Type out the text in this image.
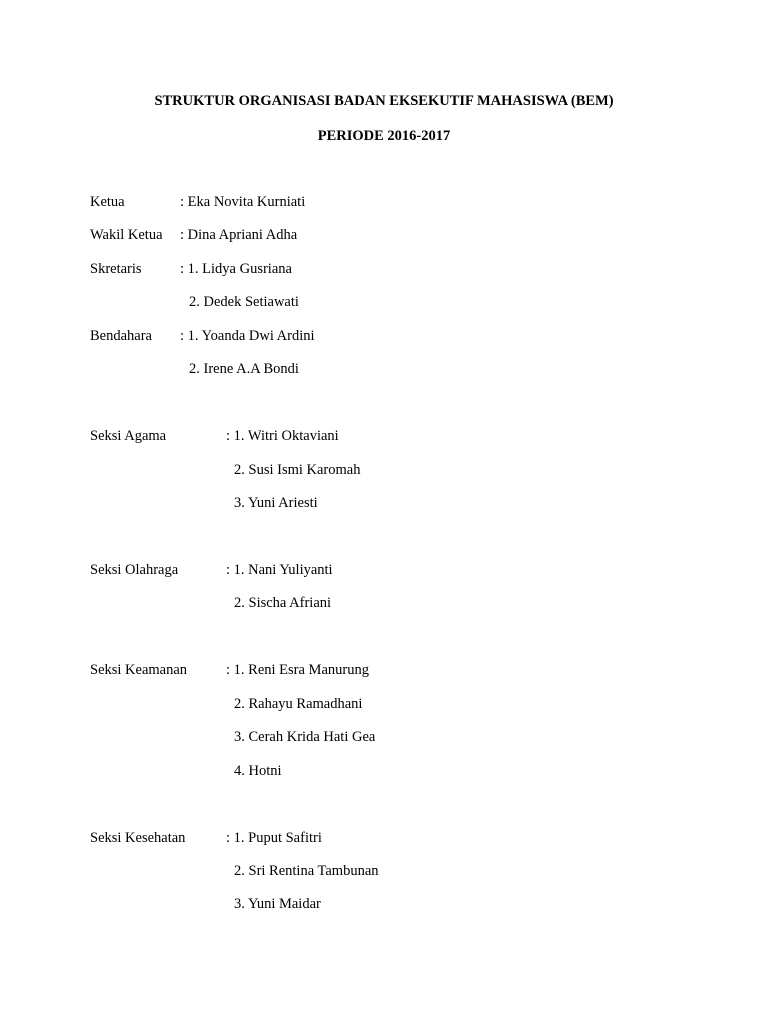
STRUKTUR ORGANISASI BADAN EKSEKUTIF MAHASISWA (BEM)
PERIODE 2016-2017
Ketua	: Eka Novita Kurniati
Wakil Ketua : Dina Apriani Adha
Skretaris	: 1. Lidya Gusriana
2. Dedek Setiawati
Bendahara : 1. Yoanda Dwi Ardini
2. Irene A.A Bondi
Seksi Agama	: 1. Witri Oktaviani
2. Susi Ismi Karomah
3. Yuni Ariesti
Seksi Olahraga	: 1. Nani Yuliyanti
2. Sischa Afriani
Seksi Keamanan	: 1. Reni Esra Manurung
2. Rahayu Ramadhani
3. Cerah Krida Hati Gea
4. Hotni
Seksi Kesehatan	: 1. Puput Safitri
2. Sri Rentina Tambunan
3. Yuni Maidar
